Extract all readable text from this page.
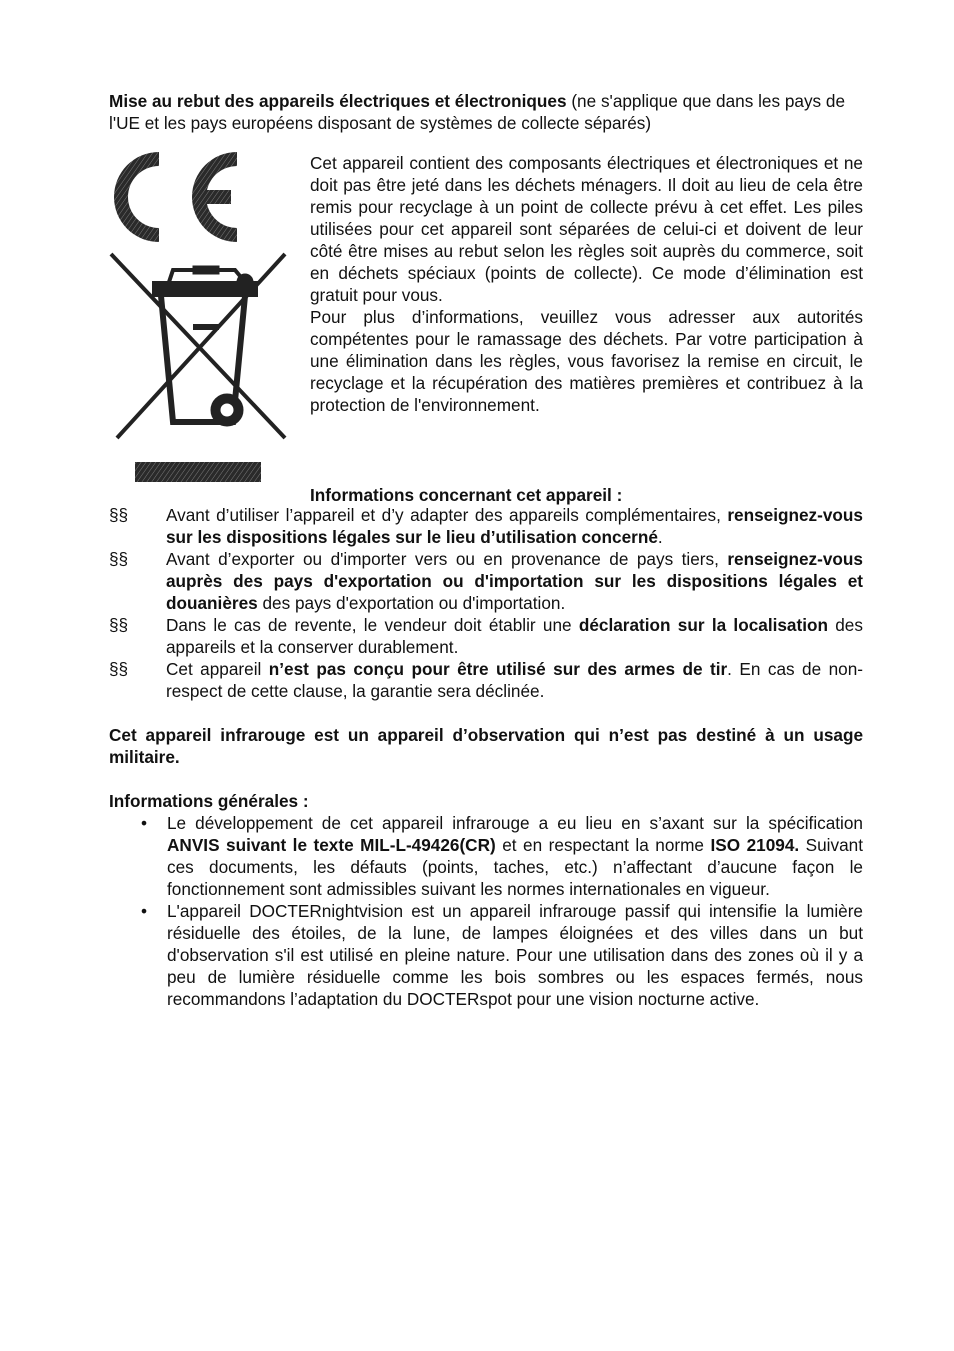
Mise au rebut des appareils électriques et électroniques (ne s'applique que dans les pays de l'UE et les pays européens disposant de systèmes de collecte séparés)

Cet appareil contient des composants électriques et électroniques et ne doit pas être jeté dans les déchets ménagers. Il doit au lieu de cela être remis pour recyclage à un point de collecte prévu à cet effet. Les piles utilisées pour cet appareil sont séparées de celui-ci et doivent de leur côté être mises au rebut selon les règles soit auprès du commerce, soit en déchets spéciaux (points de collecte). Ce mode d’élimination est gratuit pour vous.

Pour plus d’informations, veuillez vous adresser aux autorités compétentes pour le ramassage des déchets. Par votre participation à une élimination dans les règles, vous favorisez la remise en circuit, le recyclage et la récupération des matières premières et contribuez à la protection de l'environnement.

Informations concernant cet appareil :

§§ Avant d’utiliser l’appareil et d’y adapter des appareils complémentaires, renseignez-vous sur les dispositions légales sur le lieu d’utilisation concerné.
§§ Avant d’exporter ou d'importer vers ou en provenance de pays tiers, renseignez-vous auprès des pays d'exportation ou d'importation sur les dispositions légales et douanières des pays d'exportation ou d'importation.
§§ Dans le cas de revente, le vendeur doit établir une déclaration sur la localisation des appareils et la conserver durablement.
§§ Cet appareil n’est pas conçu pour être utilisé sur des armes de tir. En cas de non-respect de cette clause, la garantie sera déclinée.

Cet appareil infrarouge est un appareil d’observation qui n’est pas destiné à un usage militaire.

Informations générales :

• Le développement de cet appareil infrarouge a eu lieu en s’axant sur la spécification ANVIS suivant le texte MIL-L-49426(CR) et en respectant la norme ISO 21094. Suivant ces documents, les défauts (points, taches, etc.) n’affectant d’aucune façon le fonctionnement sont admissibles suivant les normes internationales en vigueur.
• L'appareil DOCTERnightvision est un appareil infrarouge passif qui intensifie la lumière résiduelle des étoiles, de la lune, de lampes éloignées et des villes dans un but d'observation s'il est utilisé en pleine nature. Pour une utilisation dans des zones où il y a peu de lumière résiduelle comme les bois sombres ou les espaces fermés, nous recommandons l’adaptation du DOCTERspot pour une vision nocturne active.
